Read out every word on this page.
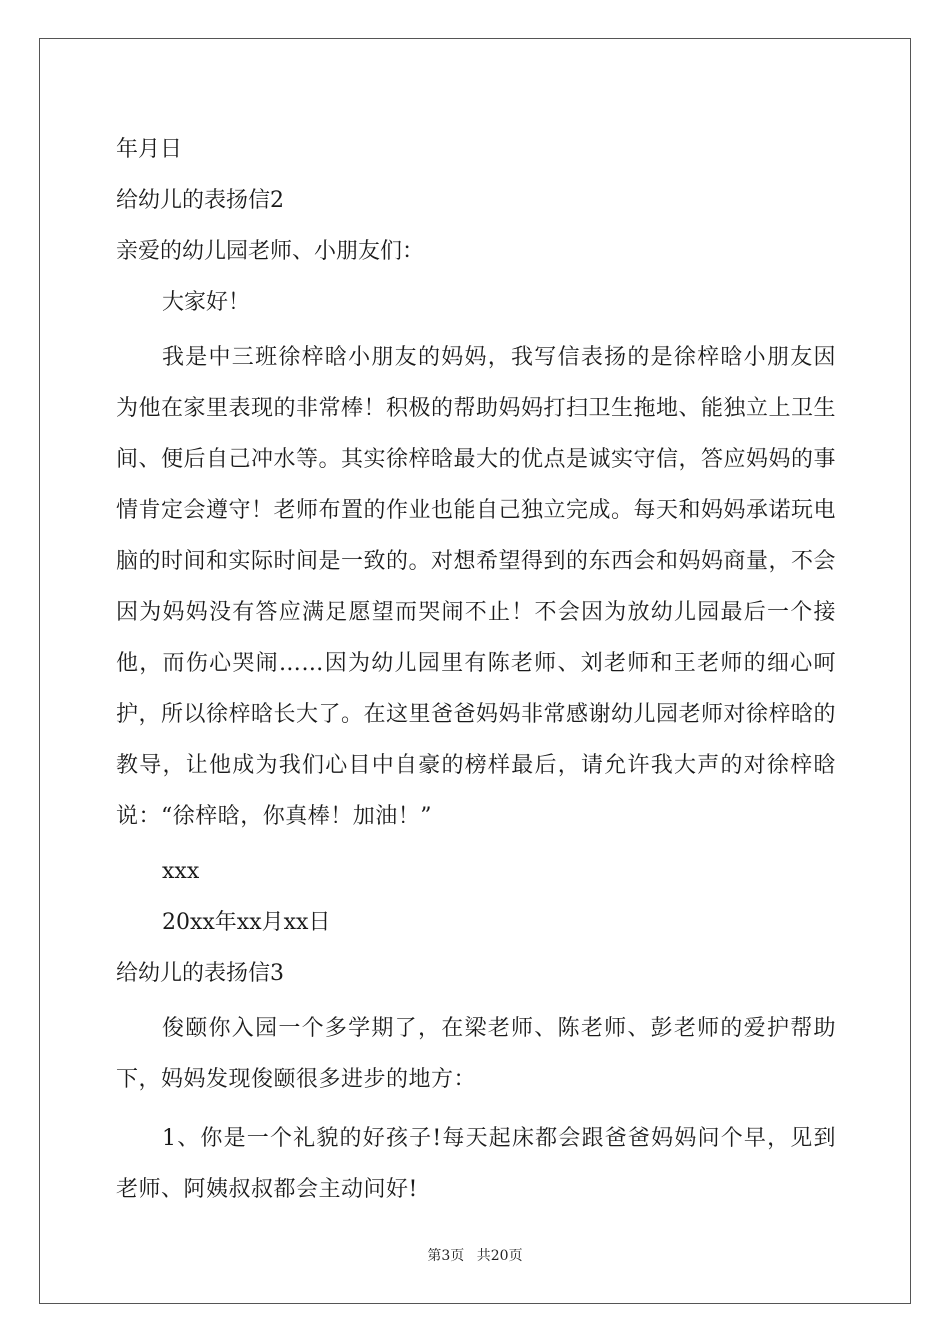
年月日
给幼儿的表扬信2
亲爱的幼儿园老师、小朋友们：
大家好！
我是中三班徐梓晗小朋友的妈妈，我写信表扬的是徐梓晗小朋友因为他在家里表现的非常棒！积极的帮助妈妈打扫卫生拖地、能独立上卫生间、便后自己冲水等。其实徐梓晗最大的优点是诚实守信，答应妈妈的事情肯定会遵守！老师布置的作业也能自己独立完成。每天和妈妈承诺玩电脑的时间和实际时间是一致的。对想希望得到的东西会和妈妈商量，不会因为妈妈没有答应满足愿望而哭闹不止！不会因为放幼儿园最后一个接他，而伤心哭闹……因为幼儿园里有陈老师、刘老师和王老师的细心呵护，所以徐梓晗长大了。在这里爸爸妈妈非常感谢幼儿园老师对徐梓晗的教导，让他成为我们心目中自豪的榜样最后，请允许我大声的对徐梓晗说：“徐梓晗，你真棒！加油！”
xxx
20xx年xx月xx日
给幼儿的表扬信3
俊颐你入园一个多学期了，在梁老师、陈老师、彭老师的爱护帮助下，妈妈发现俊颐很多进步的地方：
1、你是一个礼貌的好孩子!每天起床都会跟爸爸妈妈问个早，见到老师、阿姨叔叔都会主动问好!
第3页 共20页
